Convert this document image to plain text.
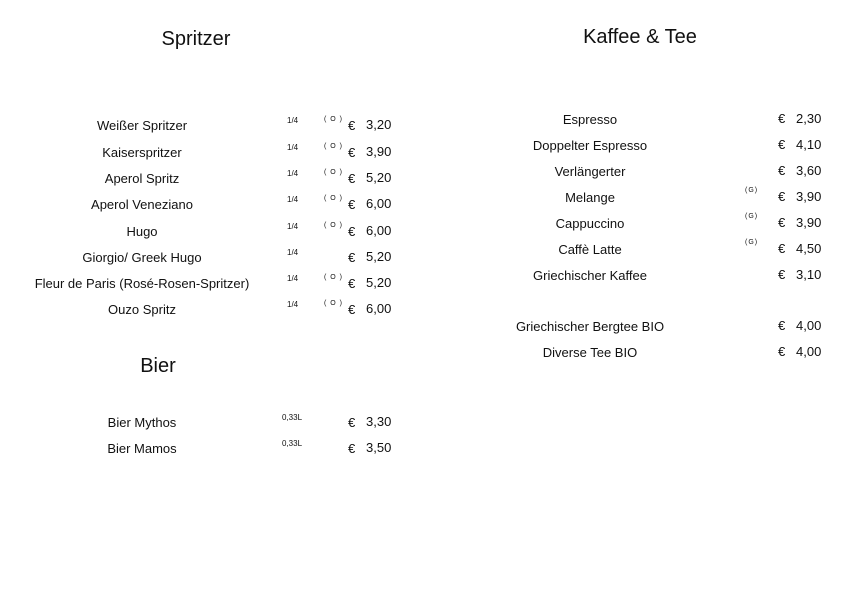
Spritzer
Bier
Kaffee & Tee
Weißer Spritzer	1/4	( O ) € 3,20
Kaiserspritzer	1/4	( O ) € 3,90
Aperol Spritz	1/4	( O ) € 5,20
Aperol Veneziano	1/4	( O ) € 6,00
Hugo	1/4	( O ) € 6,00
Giorgio/ Greek Hugo	1/4	€ 5,20
Fleur de Paris (Rosé-Rosen-Spritzer)	1/4	( O ) € 5,20
Ouzo Spritz	1/4	( O ) € 6,00
Bier Mythos	0,33L	€ 3,30
Bier Mamos	0,33L	€ 3,50
Espresso	€ 2,30
Doppelter Espresso	€ 4,10
Verlängerter	€ 3,60
Melange	(G) € 3,90
Cappuccino	(G) € 3,90
Caffè Latte	(G) € 4,50
Griechischer Kaffee	€ 3,10
Griechischer Bergtee BIO	€ 4,00
Diverse Tee BIO	€ 4,00
